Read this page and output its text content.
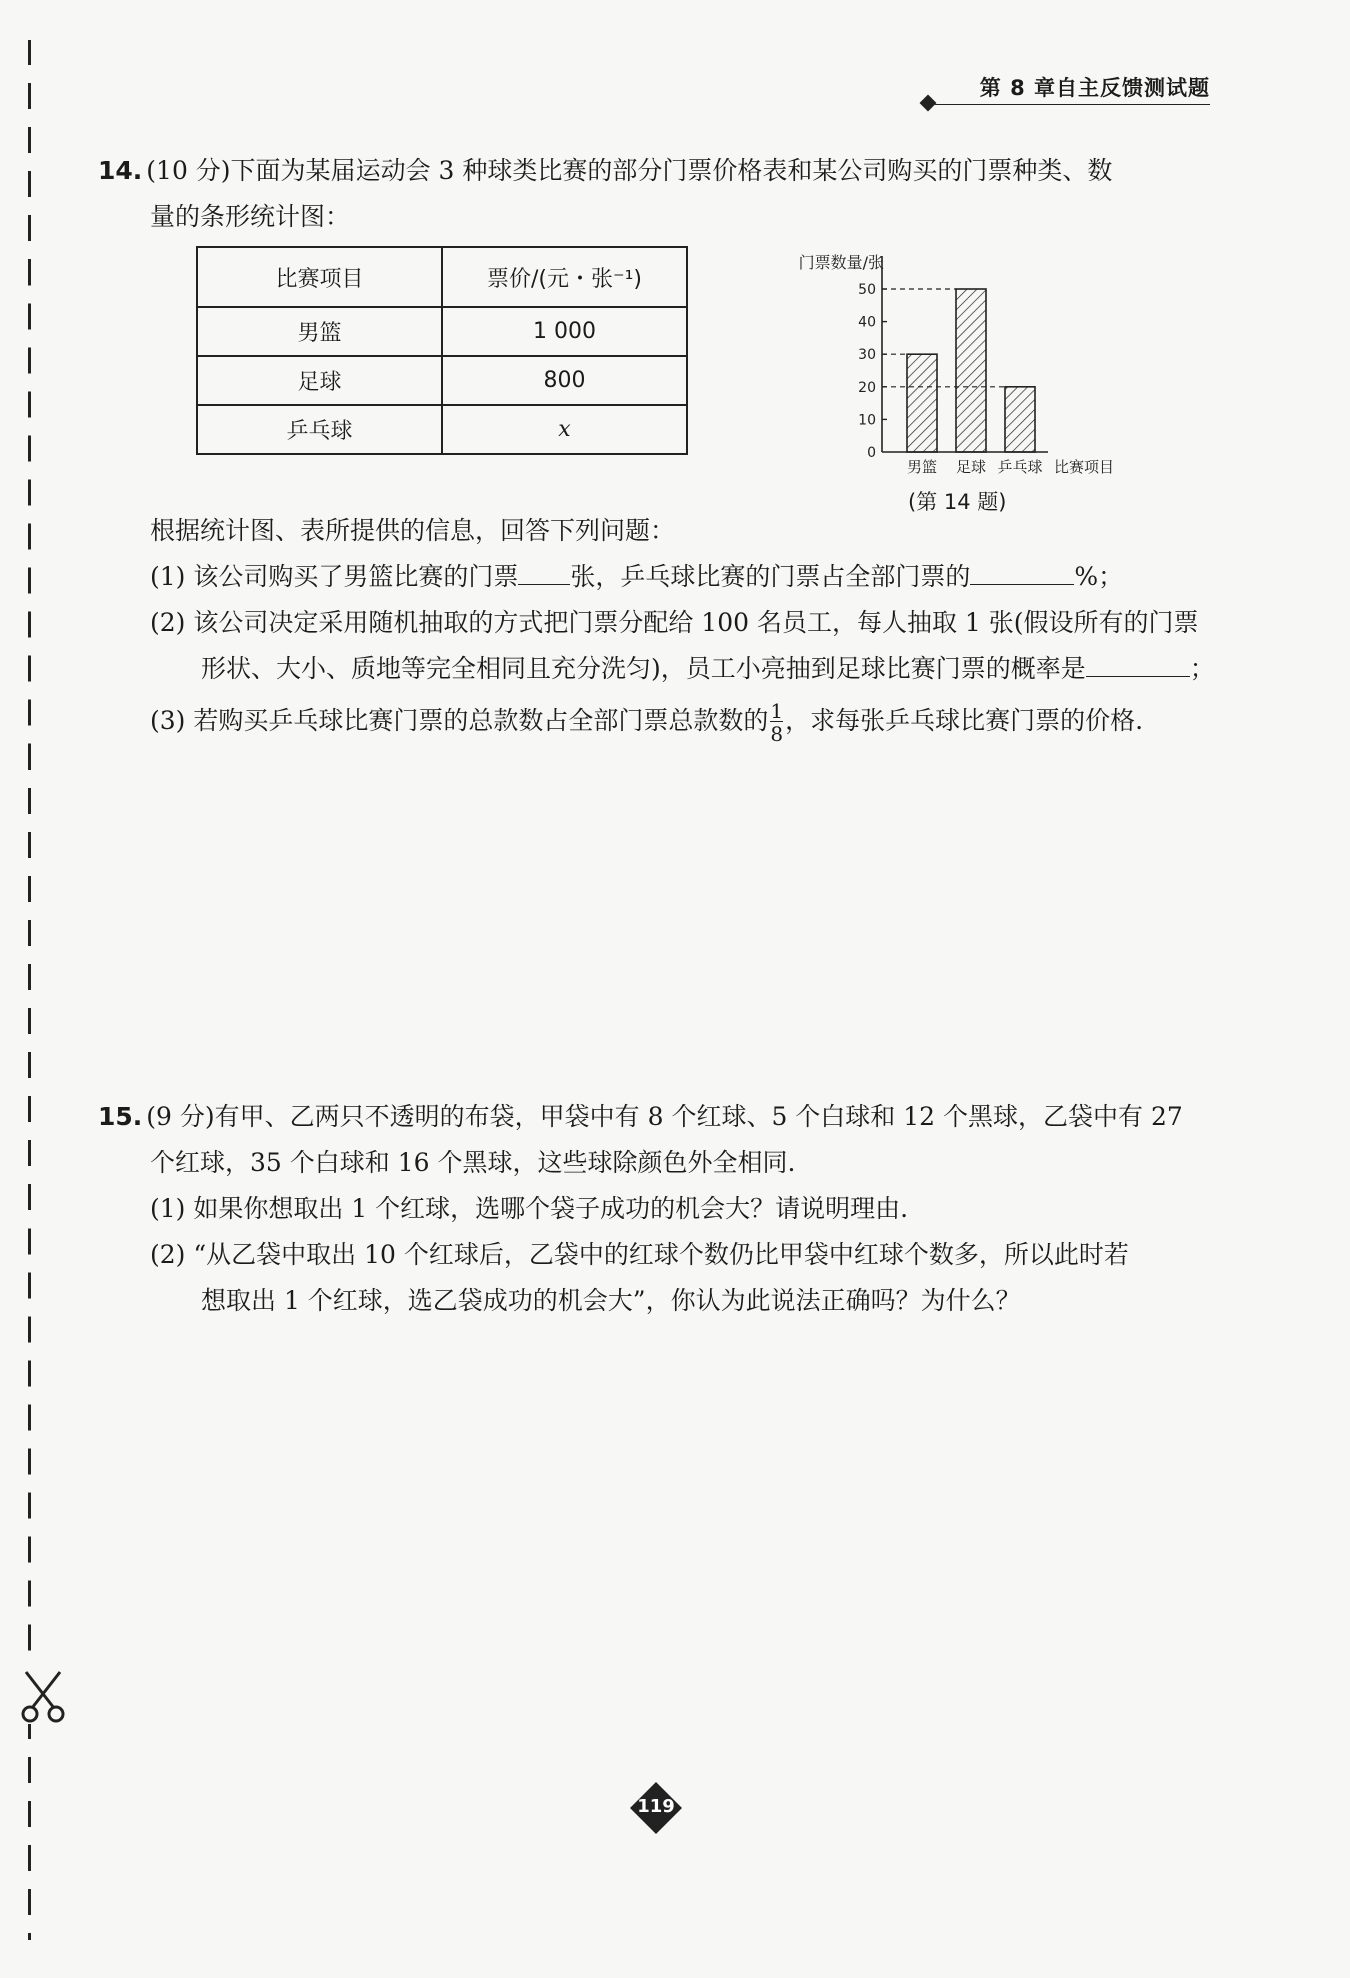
第 8 章自主反馈测试题
14. (10 分)下面为某届运动会 3 种球类比赛的部分门票价格表和某公司购买的门票种类、数
量的条形统计图：
比赛项目	票价/(元・张⁻¹)
男篮	1 000
足球	800
乒乓球	x
门票数量/张
0
10
20
30
40
50
男篮 足球 乒乓球 比赛项目
(第 14 题)
根据统计图、表所提供的信息，回答下列问题：
(1) 该公司购买了男篮比赛的门票 张，乒乓球比赛的门票占全部门票的	%；
(2) 该公司决定采用随机抽取的方式把门票分配给 100 名员工，每人抽取 1 张(假设所有的门票
形状、大小、质地等完全相同且充分洗匀)，员工小亮抽到足球比赛门票的概率是	；
(3) 若购买乒乓球比赛门票的总款数占全部门票总款数的 $\frac{1}{8}$ ，求每张乒乓球比赛门票的价格.
15. (9 分)有甲、乙两只不透明的布袋，甲袋中有 8 个红球、5 个白球和 12 个黑球，乙袋中有 27
个红球，35 个白球和 16 个黑球，这些球除颜色外全相同.
(1) 如果你想取出 1 个红球，选哪个袋子成功的机会大？请说明理由.
(2) “从乙袋中取出 10 个红球后，乙袋中的红球个数仍比甲袋中红球个数多，所以此时若
想取出 1 个红球，选乙袋成功的机会大”，你认为此说法正确吗？为什么？
119
